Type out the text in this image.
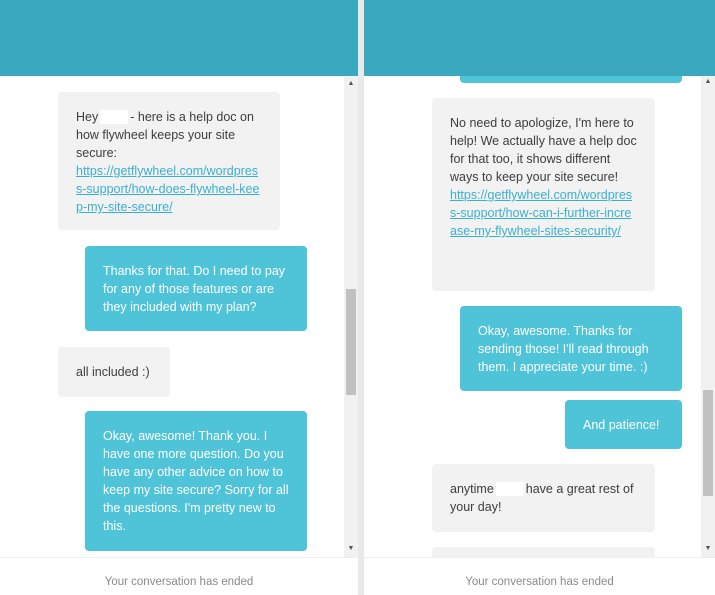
Hey	- here is a help doc on how flywheel keeps your site secure:
https://getflywheel.com/wordpress-support/how-does-flywheel-keep-my-site-secure/
Thanks for that. Do I need to pay for any of those features or are they included with my plan?
all included :)
Okay, awesome! Thank you. I have one more question. Do you have any other advice on how to keep my site secure? Sorry for all the questions. I'm pretty new to this.
▲
▼
Your conversation has ended
No need to apologize, I'm here to help! We actually have a help doc for that too, it shows different ways to keep your site secure!
https://getflywheel.com/wordpress-support/how-can-i-further-increase-my-flywheel-sites-security/
Okay, awesome. Thanks for sending those! I'll read through them. I appreciate your time. :)
And patience!
anytime	have a great rest of your day!
▲
▼
Your conversation has ended
